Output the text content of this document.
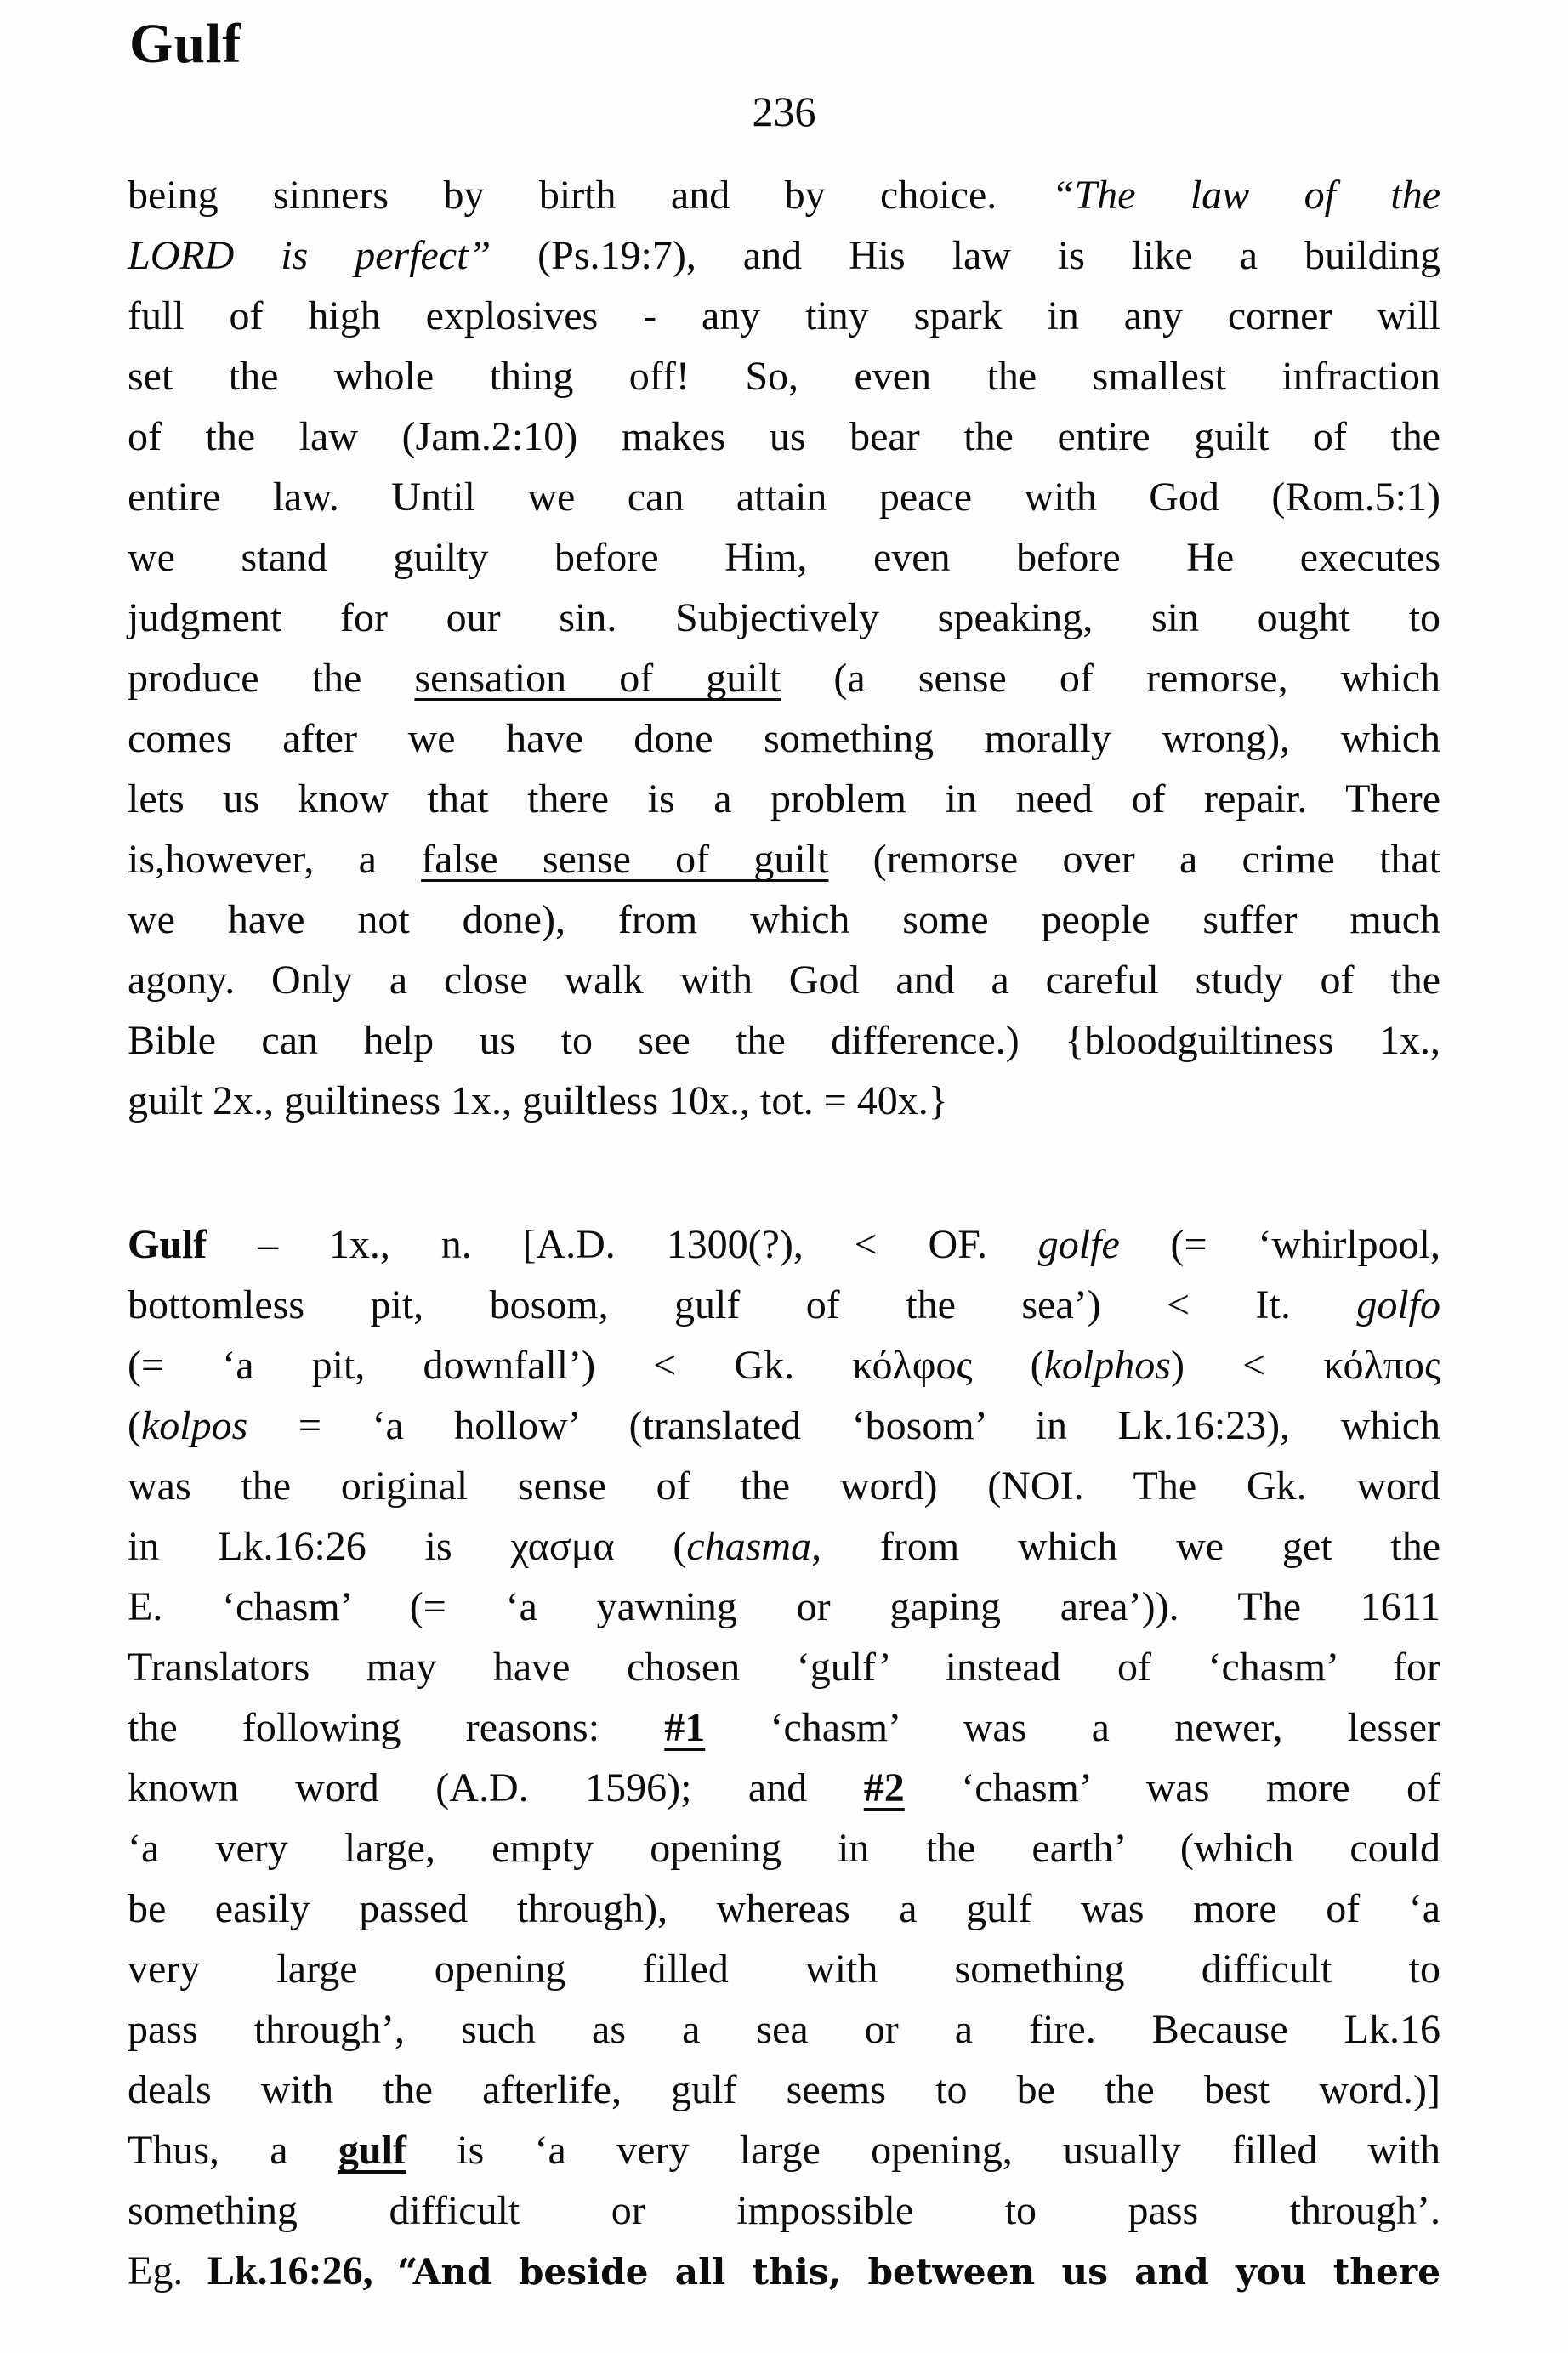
Gulf
236
being sinners by birth and by choice. “The law of the
LORD is perfect” (Ps.19:7), and His law is like a building
full of high explosives - any tiny spark in any corner will
set the whole thing off! So, even the smallest infraction
of the law (Jam.2:10) makes us bear the entire guilt of the
entire law. Until we can attain peace with God (Rom.5:1)
we stand guilty before Him, even before He executes
judgment for our sin. Subjectively speaking, sin ought to
produce the sensation of guilt (a sense of remorse, which
comes after we have done something morally wrong), which
lets us know that there is a problem in need of repair. There
is,however, a false sense of guilt (remorse over a crime that
we have not done), from which some people suffer much
agony. Only a close walk with God and a careful study of the
Bible can help us to see the difference.) {bloodguiltiness 1x.,
guilt 2x., guiltiness 1x., guiltless 10x., tot. = 40x.}
Gulf – 1x., n. [A.D. 1300(?), < OF. golfe (= ‘whirlpool,
bottomless pit, bosom, gulf of the sea’) < It. golfo
(= ‘a pit, downfall’) < Gk. κόλφος (kolphos) < κόλπος
(kolpos = ‘a hollow’ (translated ‘bosom’ in Lk.16:23), which
was the original sense of the word) (NOI. The Gk. word
in Lk.16:26 is χασμα (chasma, from which we get the
E. ‘chasm’ (= ‘a yawning or gaping area’)). The 1611
Translators may have chosen ‘gulf’ instead of ‘chasm’ for
the following reasons: #1 ‘chasm’ was a newer, lesser
known word (A.D. 1596); and #2 ‘chasm’ was more of
‘a very large, empty opening in the earth’ (which could
be easily passed through), whereas a gulf was more of ‘a
very large opening filled with something difficult to
pass through’, such as a sea or a fire. Because Lk.16
deals with the afterlife, gulf seems to be the best word.)]
Thus, a gulf is ‘a very large opening, usually filled with
something difficult or impossible to pass through’.
Eg. Lk.16:26, “And beside all this, between us and you there
